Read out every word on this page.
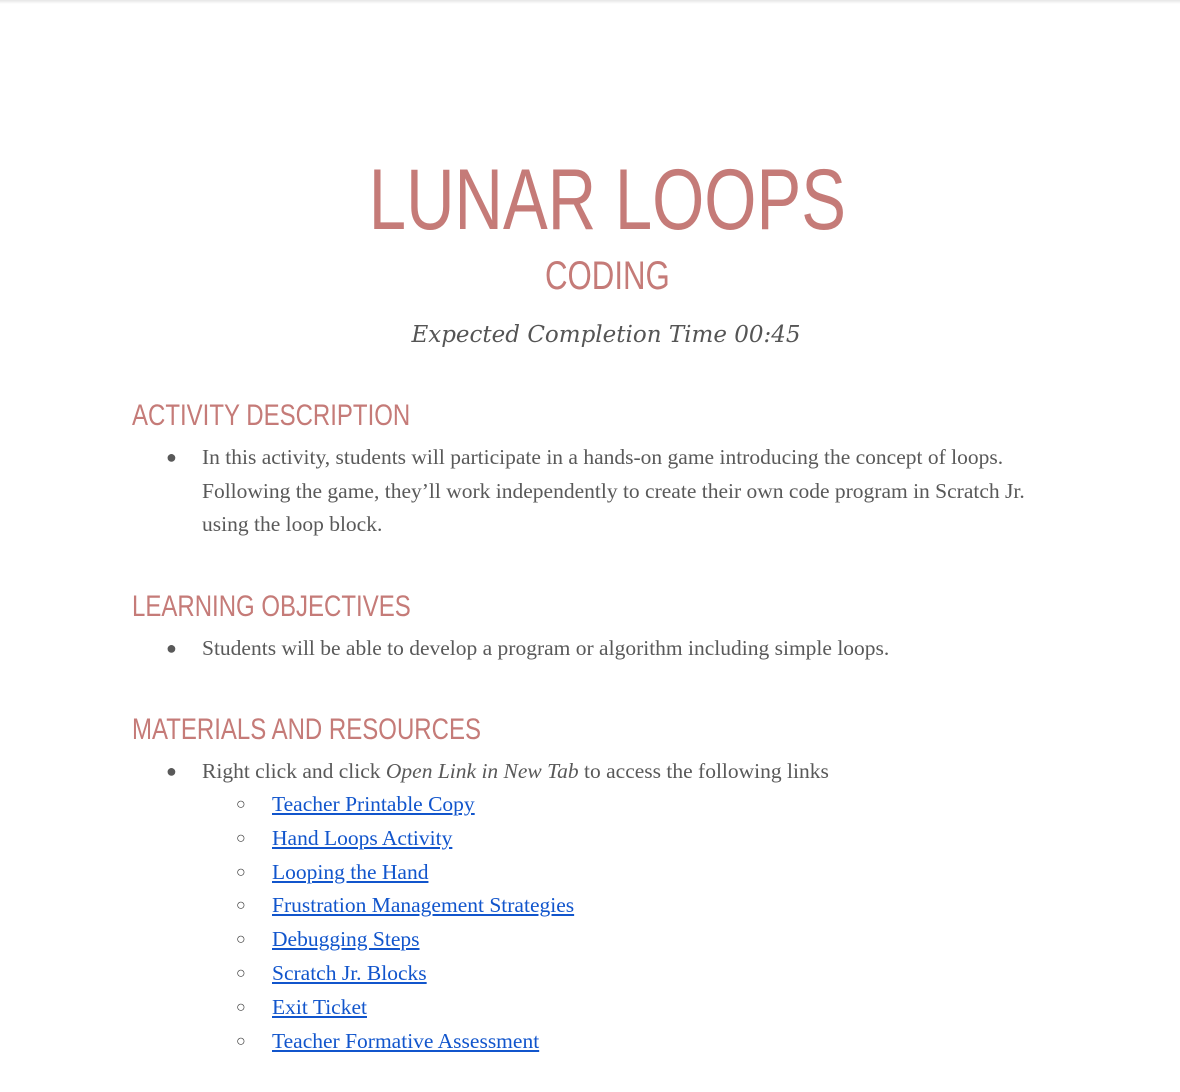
LUNAR LOOPS
CODING
Expected Completion Time 00:45
ACTIVITY DESCRIPTION
● In this activity, students will participate in a hands-on game introducing the concept of loops. Following the game, they’ll work independently to create their own code program in Scratch Jr. using the loop block.
LEARNING OBJECTIVES
● Students will be able to develop a program or algorithm including simple loops.
MATERIALS AND RESOURCES
● Right click and click Open Link in New Tab to access the following links
○ Teacher Printable Copy
○ Hand Loops Activity
○ Looping the Hand
○ Frustration Management Strategies
○ Debugging Steps
○ Scratch Jr. Blocks
○ Exit Ticket
○ Teacher Formative Assessment
